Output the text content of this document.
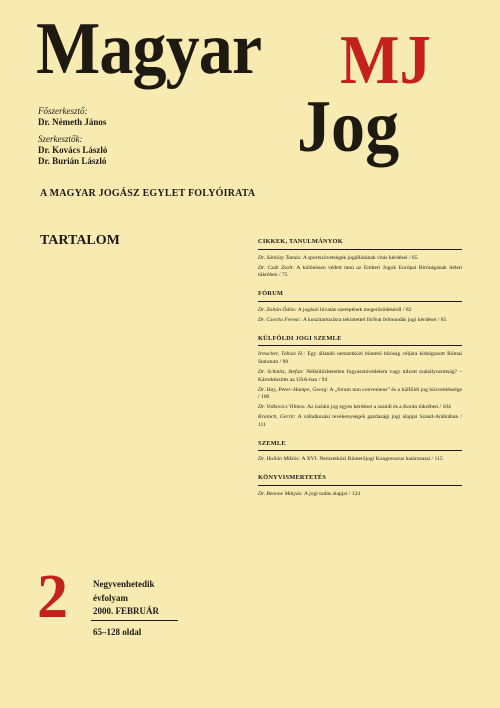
Magyar MJ
Jog
Főszerkesztő:
Dr. Németh János
Szerkesztők:
Dr. Kovács László
Dr. Burián László
A MAGYAR JOGÁSZ EGYLET FOLYÓIRATA
TARTALOM	CIKKEK, TANULMÁNYOK
Dr. Sárközy Tamás: A sportszövetségek jogállásának vitás kérdései / 65
Dr. Czák Zsolt: A különösen védett tanú az Emberi Jogok Európai Bíróságának ítéleti tükrében / 75
FÓRUM
Dr. Zoltán Ödön: A jogászi hivatás szerepének megerősödéséről / 82
Dr. Csorba Ferenc: A koszítartozásra tekintettel fórfeat felmondás jogi kérdései / 85
KÜLFÖLDI JOGI SZEMLE
Irmscher, Tobias H.: Egy állandó nemzetközi büntető bíróság céljára kidolgozott Római Statutum / 90
Dr. Schmitz, Stefan: Nélkülözhetetlen fogyasztóvédelem vagy túlzott szabályozottság? – Kárrekészítés az USA-ban / 94
Dr. Hay, Peter–Hampe, Georg: A „forum non conveniens” és a külföldi jog közvetítéssége / 100
Dr. Volkovics Vilmos: Az iszlám jog egyes kérdései a szaúdi és a Korán tükrében / 104
Kranich, Gerrit: A vállalkozási tevékenységek gazdasági jogi alapjai Szaúd-Arábiában / 111
SZEMLE
Dr. Hollán Miklós: A XVI. Nemzetközi Büntetőjogi Kongresszus határozatai / 115
KÖNYVISMERTETÉS
Dr. Benone Mátyás: A jogi tudás alapjai / 124
2	Negyvenhetedik
évfolyam
2000. FEBRUÁR
65–128 oldal
